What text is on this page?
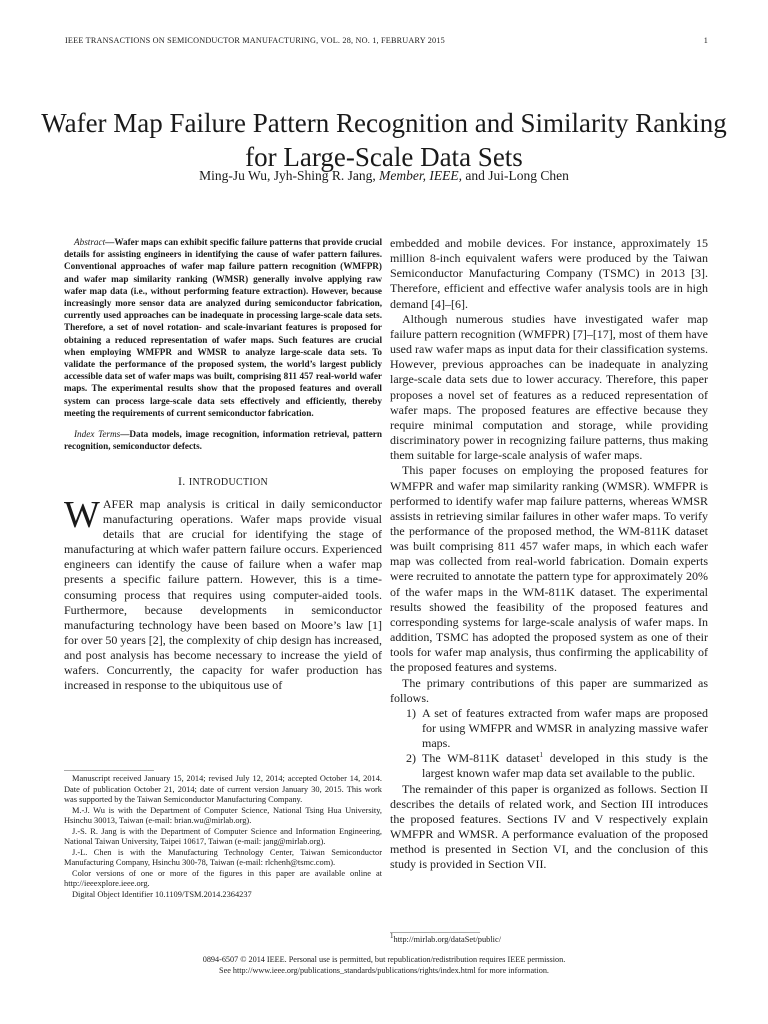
IEEE TRANSACTIONS ON SEMICONDUCTOR MANUFACTURING, VOL. 28, NO. 1, FEBRUARY 2015	1
Wafer Map Failure Pattern Recognition and Similarity Ranking for Large-Scale Data Sets
Ming-Ju Wu, Jyh-Shing R. Jang, Member, IEEE, and Jui-Long Chen

Abstract—Wafer maps can exhibit specific failure patterns that provide crucial details for assisting engineers in identifying the cause of wafer pattern failures. Conventional approaches of wafer map failure pattern recognition (WMFPR) and wafer map similarity ranking (WMSR) generally involve applying raw wafer map data (i.e., without performing feature extraction). However, because increasingly more sensor data are analyzed during semiconductor fabrication, currently used approaches can be inadequate in processing large-scale data sets. Therefore, a set of novel rotation- and scale-invariant features is proposed for obtaining a reduced representation of wafer maps. Such features are crucial when employing WMFPR and WMSR to analyze large-scale data sets. To validate the performance of the proposed system, the world’s largest publicly accessible data set of wafer maps was built, comprising 811 457 real-world wafer maps. The experimental results show that the proposed features and overall system can process large-scale data sets effectively and efficiently, thereby meeting the requirements of current semiconductor fabrication.

Index Terms—Data models, image recognition, information retrieval, pattern recognition, semiconductor defects.

I. INTRODUCTION

WAFER map analysis is critical in daily semiconductor manufacturing operations. Wafer maps provide visual details that are crucial for identifying the stage of manufacturing at which wafer pattern failure occurs. Experienced engineers can identify the cause of failure when a wafer map presents a specific failure pattern. However, this is a time-consuming process that requires using computer-aided tools. Furthermore, because developments in semiconductor manufacturing technology have been based on Moore’s law [1] for over 50 years [2], the complexity of chip design has increased, and post analysis has become necessary to increase the yield of wafers. Concurrently, the capacity for wafer production has increased in response to the ubiquitous use of

Manuscript received January 15, 2014; revised July 12, 2014; accepted October 14, 2014. Date of publication October 21, 2014; date of current version January 30, 2015. This work was supported by the Taiwan Semiconductor Manufacturing Company.

M.-J. Wu is with the Department of Computer Science, National Tsing Hua University, Hsinchu 30013, Taiwan (e-mail: brian.wu@mirlab.org).

J.-S. R. Jang is with the Department of Computer Science and Information Engineering, National Taiwan University, Taipei 10617, Taiwan (e-mail: jang@mirlab.org).

J.-L. Chen is with the Manufacturing Technology Center, Taiwan Semiconductor Manufacturing Company, Hsinchu 300-78, Taiwan (e-mail: rlchenh@tsmc.com).

Color versions of one or more of the figures in this paper are available online at http://ieeexplore.ieee.org.

Digital Object Identifier 10.1109/TSM.2014.2364237

embedded and mobile devices. For instance, approximately 15 million 8-inch equivalent wafers were produced by the Taiwan Semiconductor Manufacturing Company (TSMC) in 2013 [3]. Therefore, efficient and effective wafer analysis tools are in high demand [4]–[6].

Although numerous studies have investigated wafer map failure pattern recognition (WMFPR) [7]–[17], most of them have used raw wafer maps as input data for their classification systems. However, previous approaches can be inadequate in analyzing large-scale data sets due to lower accuracy. Therefore, this paper proposes a novel set of features as a reduced representation of wafer maps. The proposed features are effective because they require minimal computation and storage, while providing discriminatory power in recognizing failure patterns, thus making them suitable for large-scale analysis of wafer maps.

This paper focuses on employing the proposed features for WMFPR and wafer map similarity ranking (WMSR). WMFPR is performed to identify wafer map failure patterns, whereas WMSR assists in retrieving similar failures in other wafer maps. To verify the performance of the proposed method, the WM-811K dataset was built comprising 811 457 wafer maps, in which each wafer map was collected from real-world fabrication. Domain experts were recruited to annotate the pattern type for approximately 20% of the wafer maps in the WM-811K dataset. The experimental results showed the feasibility of the proposed features and corresponding systems for large-scale analysis of wafer maps. In addition, TSMC has adopted the proposed system as one of their tools for wafer map analysis, thus confirming the applicability of the proposed features and systems.

The primary contributions of this paper are summarized as follows.

1) A set of features extracted from wafer maps are proposed for using WMFPR and WMSR in analyzing massive wafer maps.
2) The WM-811K dataset$^1$ developed in this study is the largest known wafer map data set available to the public.

The remainder of this paper is organized as follows. Section II describes the details of related work, and Section III introduces the proposed features. Sections IV and V respectively explain WMFPR and WMSR. A performance evaluation of the proposed method is presented in Section VI, and the conclusion of this study is provided in Section VII.

$^1$http://mirlab.org/dataSet/public/
0894-6507 © 2014 IEEE. Personal use is permitted, but republication/redistribution requires IEEE permission.
See http://www.ieee.org/publications_standards/publications/rights/index.html for more information.
